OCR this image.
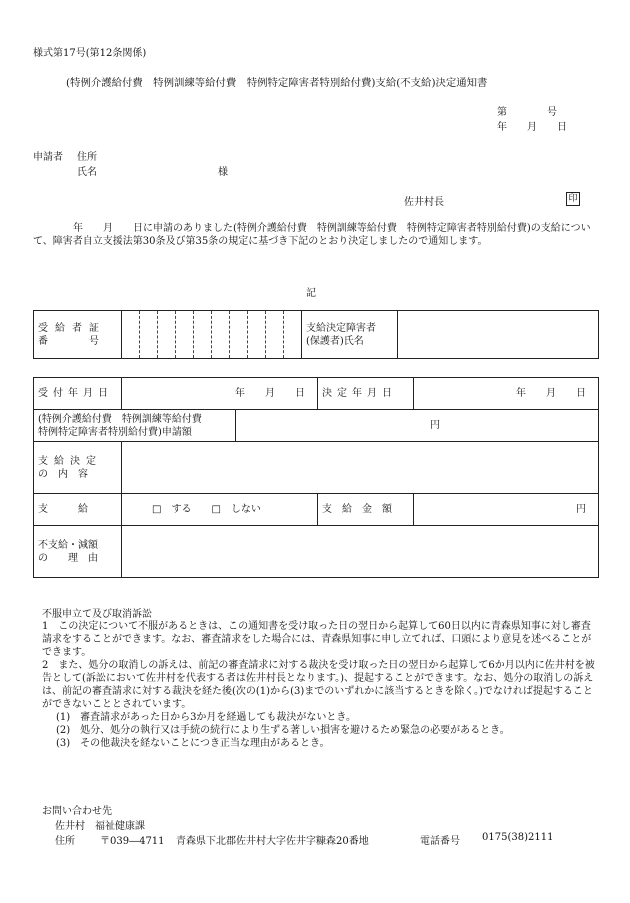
様式第17号(第12条関係)
(特例介護給付費　特例訓練等給付費　特例特定障害者特別給付費)支給(不支給)決定通知書
第　　　　号
年　　月　　日
申請者 住所
氏名	様
佐井村長	印
　　　　年　　月　　日に申請のありました(特例介護給付費　特例訓練等給付費　特例特定障害者特別給付費)の支給について、障害者自立支援法第30条及び第35条の規定に基づき下記のとおり決定しましたので通知します。
記
受給者証
番　　号

支給決定障害者
(保護者)氏名

受付年月日	年　　月　　日		決定年月日	年　　月　　日

(特例介護給付費　特例訓練等給付費
特例特定障害者特別給付費)申請額		円		

支給決定
の　内　容				

支　　　給	□　する　　□　しない		支　給　金　額	円

不支給・減額
の　　理　由				

不服申立て及び取消訴訟

1　この決定について不服があるときは、この通知書を受け取った日の翌日から起算して60日以内に青森県知事に対し審査請求をすることができます。なお、審査請求をした場合には、青森県知事に申し立てれば、口頭により意見を述べることができます。

2　また、処分の取消しの訴えは、前記の審査請求に対する裁決を受け取った日の翌日から起算して6か月以内に佐井村を被告として(訴訟において佐井村を代表する者は佐井村長となります。)、提起することができます。なお、処分の取消しの訴えは、前記の審査請求に対する裁決を経た後(次の(1)から(3)までのいずれかに該当するときを除く。)でなければ提起することができないこととされています。

(1)　審査請求があった日から3か月を経過しても裁決がないとき。

(2)　処分、処分の執行又は手続の続行により生ずる著しい損害を避けるため緊急の必要があるとき。

(3)　その他裁決を経ないことにつき正当な理由があるとき。

お問い合わせ先
佐井村　福祉健康課
住所	〒039―4711 青森県下北郡佐井村大字佐井字糠森20番地	電話番号 0175(38)2111
